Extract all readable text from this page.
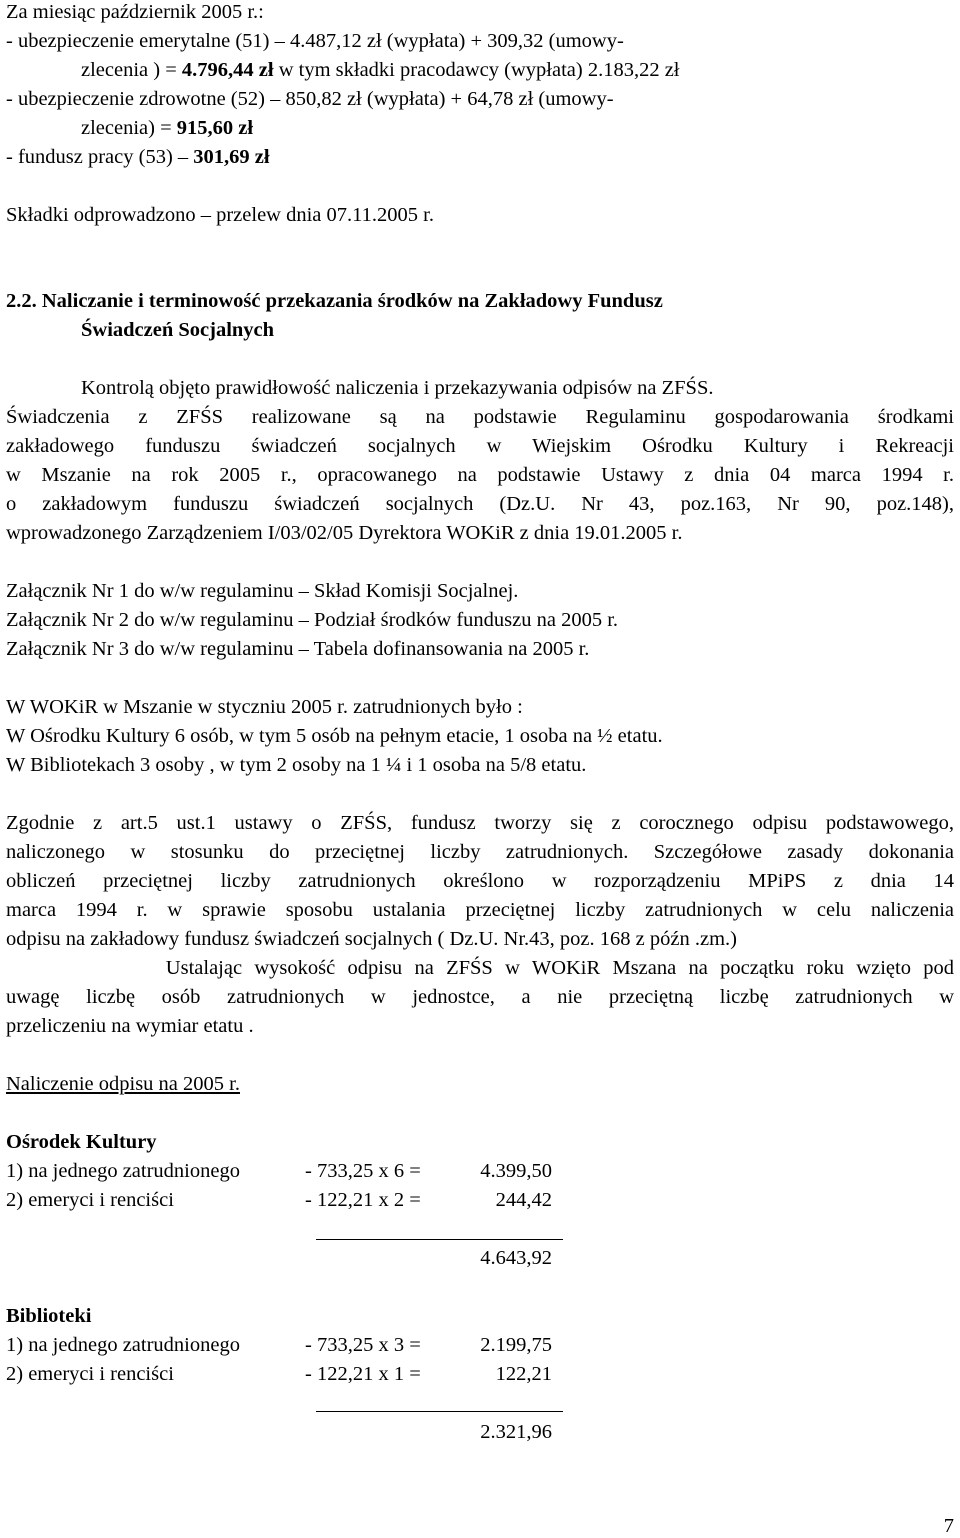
Za miesiąc październik 2005 r.:
- ubezpieczenie emerytalne (51) – 4.487,12 zł (wypłata) + 309,32 (umowy-
zlecenia ) = 4.796,44 zł w tym składki pracodawcy (wypłata) 2.183,22 zł
- ubezpieczenie zdrowotne (52) – 850,82 zł (wypłata) + 64,78 zł (umowy-
zlecenia) = 915,60 zł
- fundusz pracy (53) – 301,69 zł
Składki odprowadzono – przelew dnia 07.11.2005 r.
2.2. Naliczanie i terminowość przekazania środków na Zakładowy Fundusz
Świadczeń Socjalnych
Kontrolą objęto prawidłowość naliczenia i przekazywania odpisów na ZFŚS.
Świadczenia z ZFŚS realizowane są na podstawie Regulaminu gospodarowania środkami
zakładowego funduszu świadczeń socjalnych w Wiejskim Ośrodku Kultury i Rekreacji
w Mszanie na rok 2005 r., opracowanego na podstawie Ustawy z dnia 04 marca 1994 r.
o zakładowym funduszu świadczeń socjalnych (Dz.U. Nr 43, poz.163, Nr 90, poz.148),
wprowadzonego Zarządzeniem I/03/02/05 Dyrektora WOKiR z dnia 19.01.2005 r.
Załącznik Nr 1 do w/w regulaminu – Skład Komisji Socjalnej.
Załącznik Nr 2 do w/w regulaminu – Podział środków funduszu na 2005 r.
Załącznik Nr 3 do w/w regulaminu – Tabela dofinansowania na 2005 r.
W WOKiR w Mszanie w styczniu 2005 r. zatrudnionych było :
W Ośrodku Kultury 6 osób, w tym 5 osób na pełnym etacie, 1 osoba na ½ etatu.
W Bibliotekach 3 osoby , w tym 2 osoby na 1 ¼ i 1 osoba na 5/8 etatu.
Zgodnie z art.5 ust.1 ustawy o ZFŚS, fundusz tworzy się z corocznego odpisu podstawowego,
naliczonego w stosunku do przeciętnej liczby zatrudnionych. Szczegółowe zasady dokonania
obliczeń przeciętnej liczby zatrudnionych określono w rozporządzeniu MPiPS z dnia 14
marca 1994 r. w sprawie sposobu ustalania przeciętnej liczby zatrudnionych w celu naliczenia
odpisu na zakładowy fundusz świadczeń socjalnych ( Dz.U. Nr.43, poz. 168 z późn .zm.)
Ustalając wysokość odpisu na ZFŚS w WOKiR Mszana na początku roku wzięto pod
uwagę liczbę osób zatrudnionych w jednostce, a nie przeciętną liczbę zatrudnionych w
przeliczeniu na wymiar etatu .
Naliczenie odpisu na 2005 r.
Ośrodek Kultury
1) na jednego zatrudnionego	- 733,25 x 6 =	4.399,50
2) emeryci i renciści	- 122,21 x 2 =	244,42
4.643,92
Biblioteki
1) na jednego zatrudnionego	- 733,25 x 3 =	2.199,75
2) emeryci i renciści	- 122,21 x 1 =	122,21
2.321,96
7
